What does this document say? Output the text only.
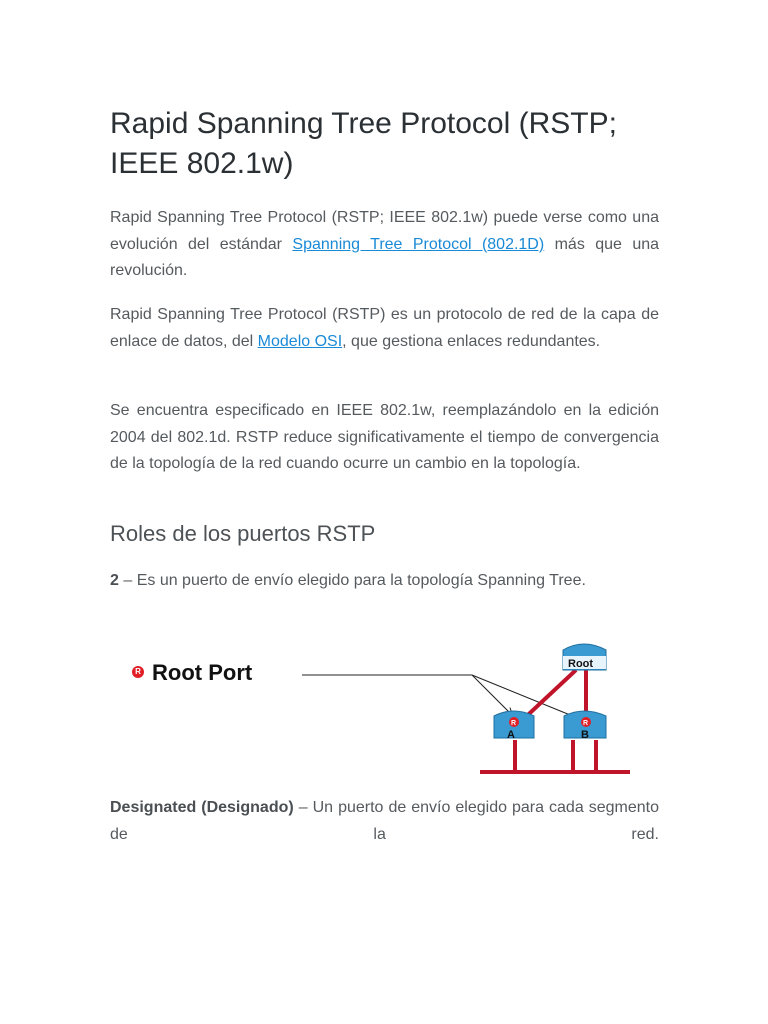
Rapid Spanning Tree Protocol (RSTP; IEEE 802.1w)

Rapid Spanning Tree Protocol (RSTP; IEEE 802.1w) puede verse como una evolución del estándar Spanning Tree Protocol (802.1D) más que una revolución.

Rapid Spanning Tree Protocol (RSTP) es un protocolo de red de la capa de enlace de datos, del Modelo OSI, que gestiona enlaces redundantes.

Se encuentra especificado en IEEE 802.1w, reemplazándolo en la edición 2004 del 802.1d. RSTP reduce significativamente el tiempo de convergencia de la topología de la red cuando ocurre un cambio en la topología.

Roles de los puertos RSTP

2 – Es un puerto de envío elegido para la topología Spanning Tree.

Designated (Designado) – Un puerto de envío elegido para cada segmento de la red.

R Root Port	Root
R
A
R
B
